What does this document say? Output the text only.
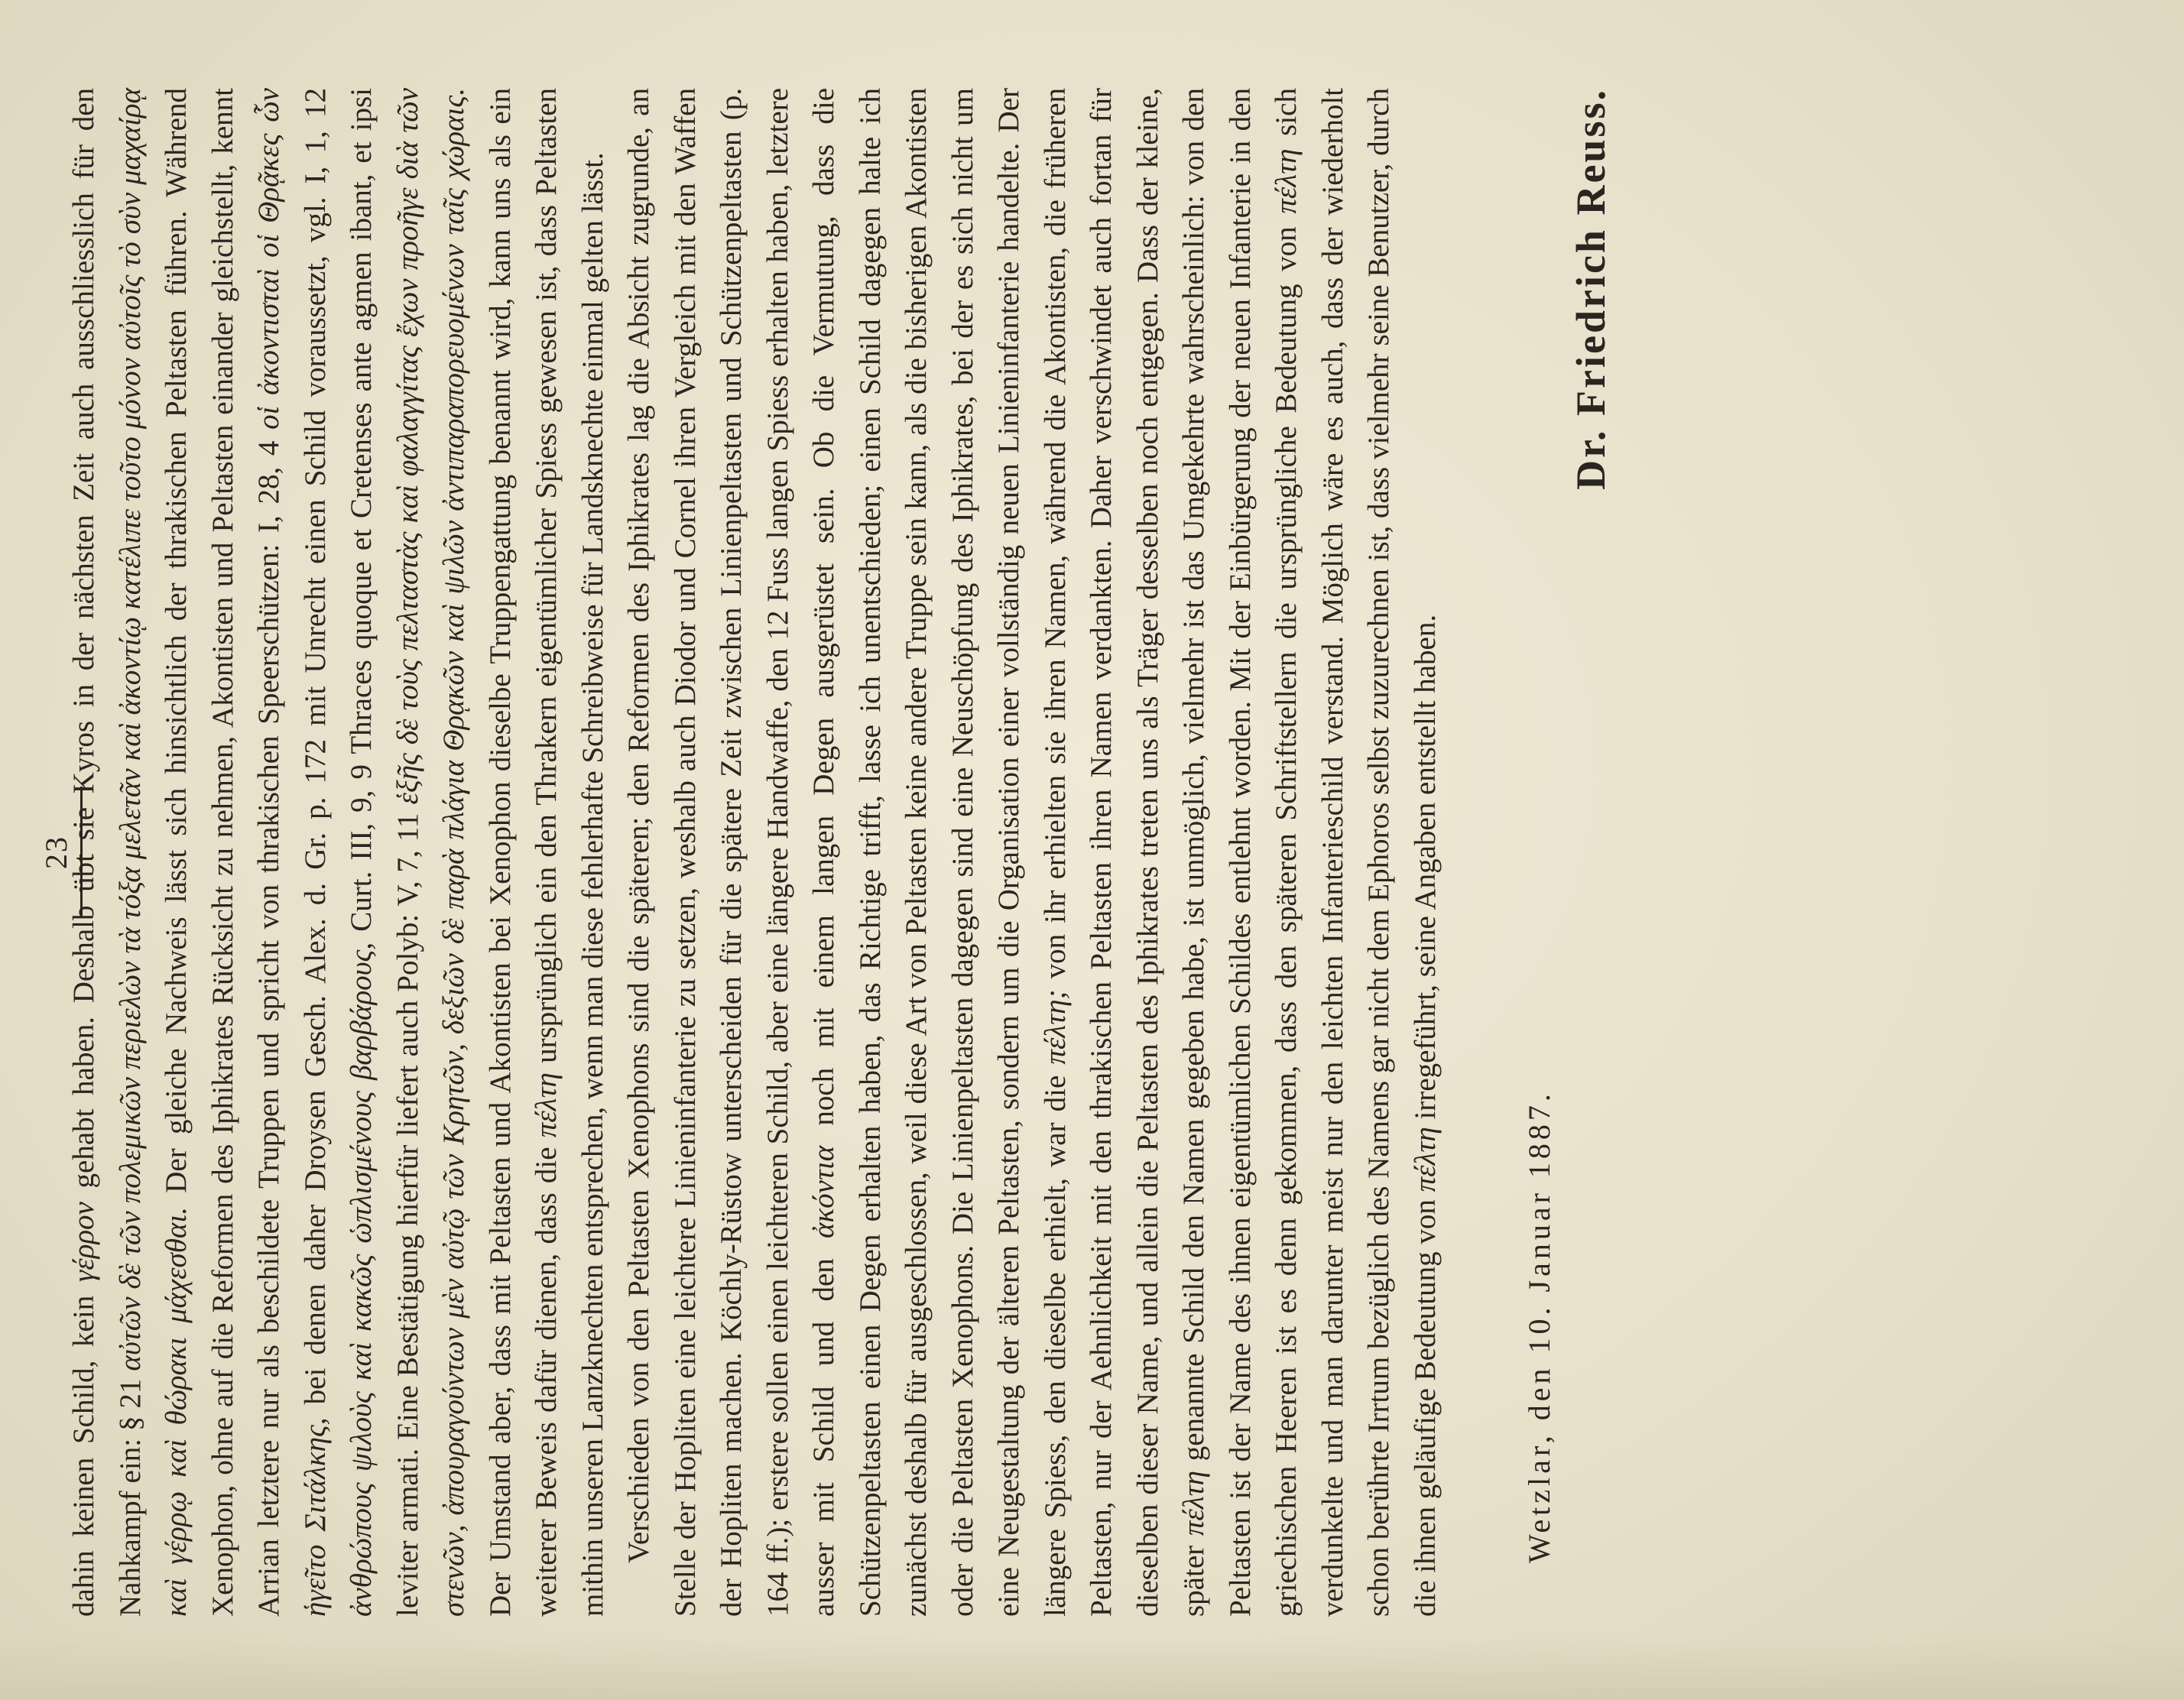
23

dahin keinen Schild, kein γέρρον gehabt haben. Deshalb übt sie Kyros in der nächsten Zeit auch ausschliesslich für den Nahkampf ein: § 21 αὐτῶν δὲ τῶν πολεμικῶν περιελὼν τὰ τόξα μελετᾶν καὶ ἀκοντίῳ κατέλιπε τοῦτο μόνον αὐτοῖς τὸ σὺν μαχαίρᾳ καὶ γέρρῳ καὶ θώρακι μάχεσθαι. Der gleiche Nachweis lässt sich hinsichtlich der thrakischen Peltasten führen. Während Xenophon, ohne auf die Reformen des Iphikrates Rücksicht zu nehmen, Akontisten und Peltasten einander gleichstellt, kennt Arrian letztere nur als beschildete Truppen und spricht von thrakischen Speerschützen: I, 28, 4 οἱ ἀκοντισταὶ οἱ Θρᾷκες ὧν ἡγεῖτο Σιτάλκης, bei denen daher Droysen Gesch. Alex. d. Gr. p. 172 mit Unrecht einen Schild voraussetzt, vgl. I, 1, 12 ἀνθρώπους ψιλοὺς καὶ κακῶς ὡπλισμένους βαρβάρους, Curt. III, 9, 9 Thraces quoque et Cretenses ante agmen ibant, et ipsi leviter armati. Eine Bestätigung hierfür liefert auch Polyb: V, 7, 11 ἑξῆς δὲ τοὺς πελταστὰς καὶ φαλαγγίτας ἔχων προῆγε διὰ τῶν στενῶν, ἀπουραγούντων μὲν αὐτῷ τῶν Κρητῶν, δεξιῶν δὲ παρὰ πλάγια Θρᾳκῶν καὶ ψιλῶν ἀντιπαραπορευομένων ταῖς χώραις. Der Umstand aber, dass mit Peltasten und Akontisten bei Xenophon dieselbe Truppengattung benannt wird, kann uns als ein weiterer Beweis dafür dienen, dass die πέλτη ursprünglich ein den Thrakern eigentümlicher Spiess gewesen ist, dass Peltasten mithin unseren Lanzknechten entsprechen, wenn man diese fehlerhafte Schreibweise für Landsknechte einmal gelten lässt. Verschieden von den Peltasten Xenophons sind die späteren; den Reformen des Iphikrates lag die Absicht zugrunde, an Stelle der Hopliten eine leichtere Linieninfanterie zu setzen, weshalb auch Diodor und Cornel ihren Vergleich mit den Waffen der Hopliten machen. Köchly-Rüstow unterscheiden für die spätere Zeit zwischen Linienpeltasten und Schützenpeltasten (p. 164 ff.); erstere sollen einen leichteren Schild, aber eine längere Handwaffe, den 12 Fuss langen Spiess erhalten haben, letztere ausser mit Schild und den ἀκόντια noch mit einem langen Degen ausgerüstet sein. Ob die Vermutung, dass die Schützenpeltasten einen Degen erhalten haben, das Richtige trifft, lasse ich unentschieden; einen Schild dagegen halte ich zunächst deshalb für ausgeschlossen, weil diese Art von Peltasten keine andere Truppe sein kann, als die bisherigen Akontisten oder die Peltasten Xenophons. Die Linienpeltasten dagegen sind eine Neuschöpfung des Iphikrates, bei der es sich nicht um eine Neugestaltung der älteren Peltasten, sondern um die Organisation einer vollständig neuen Linieninfanterie handelte. Der längere Spiess, den dieselbe erhielt, war die πέλτη; von ihr erhielten sie ihren Namen, während die Akontisten, die früheren Peltasten, nur der Aehnlichkeit mit den thrakischen Peltasten ihren Namen verdankten. Daher verschwindet auch fortan für dieselben dieser Name, und allein die Peltasten des Iphikrates treten uns als Träger desselben noch entgegen. Dass der kleine, später πέλτη genannte Schild den Namen gegeben habe, ist unmöglich, vielmehr ist das Umgekehrte wahrscheinlich: von den Peltasten ist der Name des ihnen eigentümlichen Schildes entlehnt worden. Mit der Einbürgerung der neuen Infanterie in den griechischen Heeren ist es denn gekommen, dass den späteren Schriftstellern die ursprüngliche Bedeutung von πέλτη sich verdunkelte und man darunter meist nur den leichten Infanterieschild verstand. Möglich wäre es auch, dass der wiederholt schon berührte Irrtum bezüglich des Namens gar nicht dem Ephoros selbst zuzurechnen ist, dass vielmehr seine Benutzer, durch die ihnen geläufige Bedeutung von πέλτη irregeführt, seine Angaben entstellt haben.

Wetzlar, den 10. Januar 1887.
Dr. Friedrich Reuss.
